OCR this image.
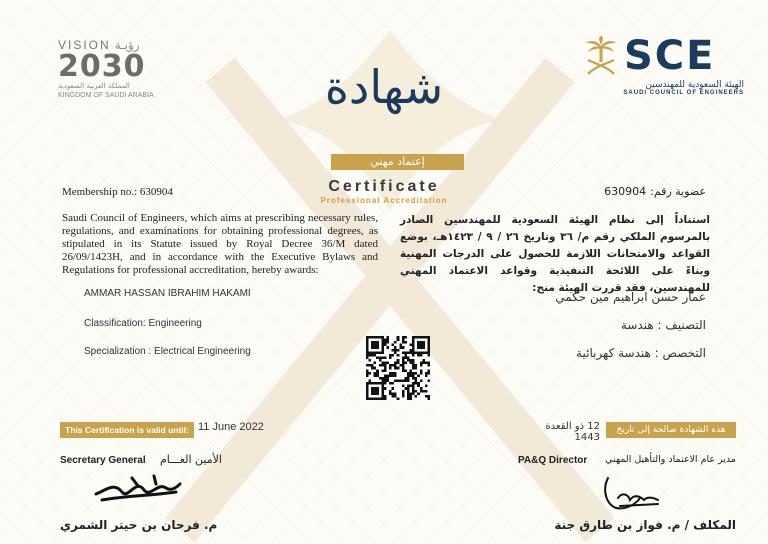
VISION رؤيـة
2030
المملكة العربية السعودية
KINGDOM OF SAUDI ARABIA
SCE
الهيئة السعودية للمهندسين
SAUDI COUNCIL OF ENGINEERS
شهادة
إعتماد مهني
Certificate
Professional Accreditation
Membership no.: 630904	عضوية رقم:
630904
Saudi Council of Engineers, which aims at prescribing necessary rules, regulations, and examinations for obtaining professional degrees, as stipulated in its Statute issued by Royal Decree 36/M dated 26/09/1423H, and in accordance with the Executive Bylaws and Regulations for professional accreditation, hereby awards:
استناداً إلى نظام الهيئة السعودية للمهندسين الصادر بالمرسوم الملكي رقم م/ ٣٦ وتاريخ ٢٦ / ٩ / ١٤٢٣هـ، بوضع القواعد والامتحانات اللازمة للحصول على الدرجات المهنية وبناءً على اللائحة التنفيذية وقواعد الاعتماد المهني للمهندسين، فقد قررت الهيئة منح:
AMMAR HASSAN IBRAHIM HAKAMI
Classification: Engineering
Specialization : Electrical Engineering
عمار حسن ابراهيم مين حكمي
التصنيف : هندسة
التخصص : هندسة كهربائية
This Certification is valid until: 11 June 2022	هذه الشهادة صالحة إلى تاريخ
12 ذو القعدة 1443
Secretary General الأمين العـــام
م. فرحان بن حيتر الشمري
PA&Q Director مدير عام الاعتماد والتأهيل المهني
المكلف / م. فواز بن طارق جنة
